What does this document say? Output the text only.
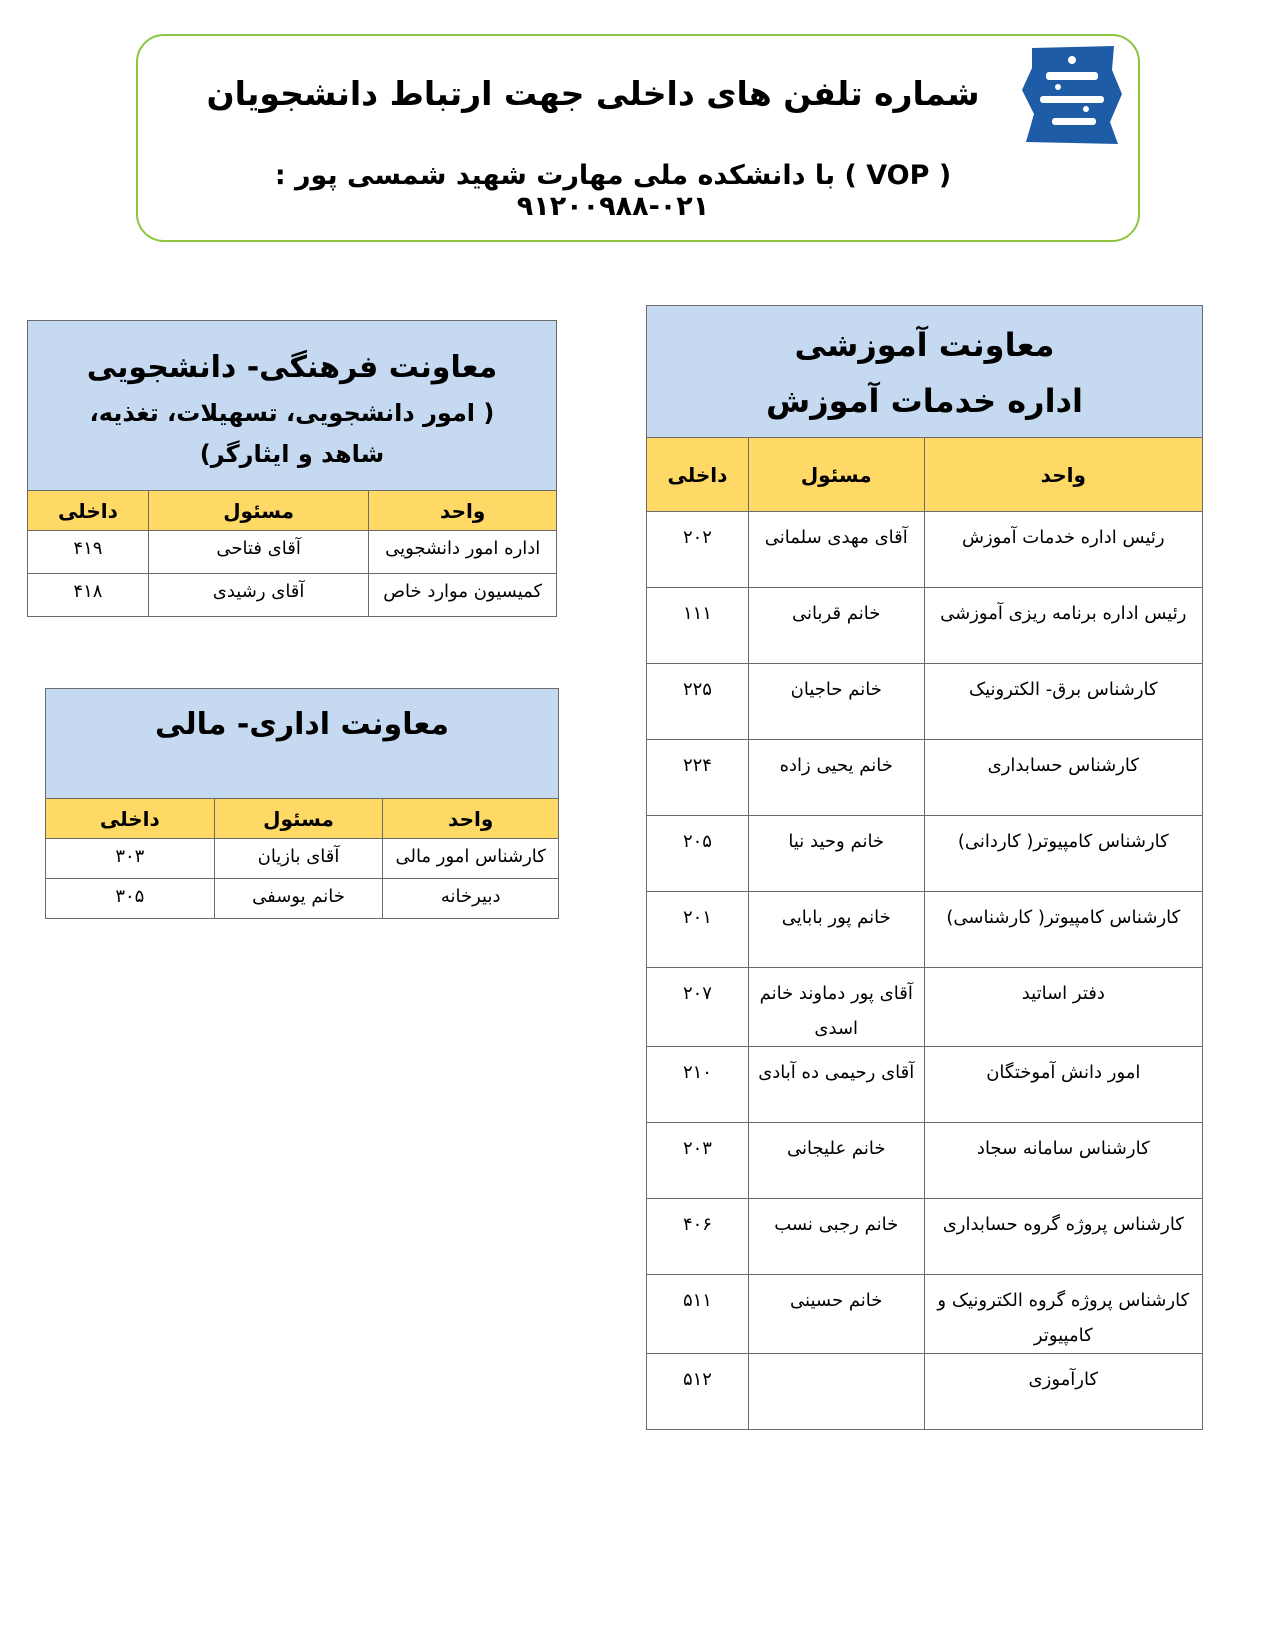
شماره تلفن های داخلی جهت ارتباط دانشجویان
( VOP ) با دانشکده ملی مهارت شهید شمسی پور : ۰۲۱-۹۱۲۰۰۹۸۸
معاونت آموزشی
اداره خدمات آموزش		

واحد	مسئول	داخلی
رئیس اداره خدمات آموزش	آقای مهدی سلمانی	۲۰۲
رئیس اداره برنامه ریزی آموزشی	خانم قربانی	۱۱۱
کارشناس برق- الکترونیک	خانم حاجیان	۲۲۵
کارشناس حسابداری	خانم یحیی زاده	۲۲۴
کارشناس کامپیوتر( کاردانی)	خانم وحید نیا	۲۰۵
کارشناس کامپیوتر( کارشناسی)	خانم پور بابایی	۲۰۱
دفتر اساتید	آقای پور دماوند خانم اسدی	۲۰۷
امور دانش آموختگان	آقای رحیمی ده آبادی	۲۱۰
کارشناس سامانه سجاد	خانم علیجانی	۲۰۳
کارشناس پروژه گروه حسابداری	خانم رجبی نسب	۴۰۶
کارشناس پروژه گروه الکترونیک و کامپیوتر	خانم حسینی	۵۱۱
کارآموزی		۵۱۲
معاونت فرهنگی- دانشجویی
( امور دانشجویی، تسهیلات، تغذیه، شاهد و ایثارگر)		

واحد	مسئول	داخلی
اداره امور دانشجویی	آقای فتاحی	۴۱۹
کمیسیون موارد خاص	آقای رشیدی	۴۱۸
معاونت اداری- مالی		
واحد	مسئول	داخلی
کارشناس امور مالی	آقای بازیان	۳۰۳
دبیرخانه	خانم یوسفی	۳۰۵
